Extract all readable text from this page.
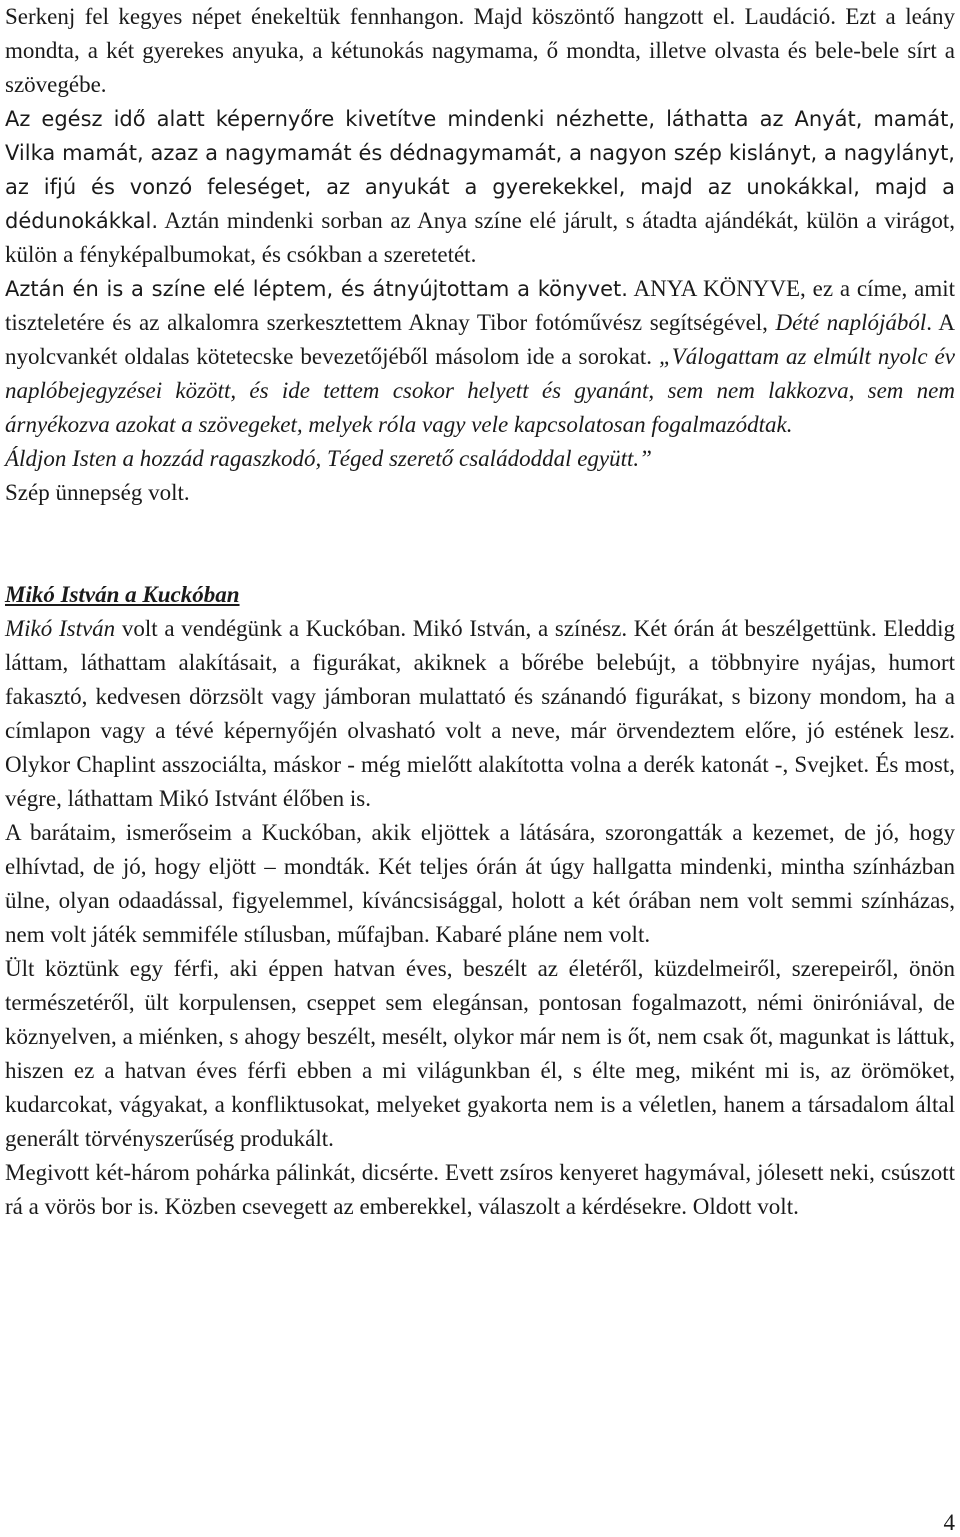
Serkenj fel kegyes népet énekeltük fennhangon. Majd köszöntő hangzott el. Laudáció. Ezt a leány mondta, a két gyerekes anyuka, a kétunokás nagymama, ő mondta, illetve olvasta és bele-bele sírt a szövegébe.

Az egész idő alatt képernyőre kivetítve mindenki nézhette, láthatta az Anyát, mamát, Vilka mamát, azaz a nagymamát és dédnagymamát, a nagyon szép kislányt, a nagylányt, az ifjú és vonzó feleséget, az anyukát a gyerekekkel, majd az unokákkal, majd a dédunokákkal. Aztán mindenki sorban az Anya színe elé járult, s átadta ajándékát, külön a virágot, külön a fényképalbumokat, és csókban a szeretetét.

Aztán én is a színe elé léptem, és átnyújtottam a könyvet. ANYA KÖNYVE, ez a címe, amit tiszteletére és az alkalomra szerkesztettem Aknay Tibor fotóművész segítségével, Dété naplójából. A nyolcvankét oldalas kötetecske bevezetőjéből másolom ide a sorokat. „Válogattam az elmúlt nyolc év naplóbejegyzései között, és ide tettem csokor helyett és gyanánt, sem nem lakkozva, sem nem árnyékozva azokat a szövegeket, melyek róla vagy vele kapcsolatosan fogalmazódtak.

Áldjon Isten a hozzád ragaszkodó, Téged szerető családoddal együtt.”

Szép ünnepség volt.

Mikó István a Kuckóban

Mikó István volt a vendégünk a Kuckóban. Mikó István, a színész. Két órán át beszélgettünk. Eleddig láttam, láthattam alakításait, a figurákat, akiknek a bőrébe belebújt, a többnyire nyájas, humort fakasztó, kedvesen dörzsölt vagy jámboran mulattató és szánandó figurákat, s bizony mondom, ha a címlapon vagy a tévé képernyőjén olvasható volt a neve, már örvendeztem előre, jó estének lesz. Olykor Chaplint asszociálta, máskor - még mielőtt alakította volna a derék katonát -, Svejket. És most, végre, láthattam Mikó Istvánt élőben is.

A barátaim, ismerőseim a Kuckóban, akik eljöttek a látására, szorongatták a kezemet, de jó, hogy elhívtad, de jó, hogy eljött – mondták. Két teljes órán át úgy hallgatta mindenki, mintha színházban ülne, olyan odaadással, figyelemmel, kíváncsisággal, holott a két órában nem volt semmi színházas, nem volt játék semmiféle stílusban, műfajban. Kabaré pláne nem volt.

Ült köztünk egy férfi, aki éppen hatvan éves, beszélt az életéről, küzdelmeiről, szerepeiről, önön természetéről, ült korpulensen, cseppet sem elegánsan, pontosan fogalmazott, némi öniróniával, de köznyelven, a miénken, s ahogy beszélt, mesélt, olykor már nem is őt, nem csak őt, magunkat is láttuk, hiszen ez a hatvan éves férfi ebben a mi világunkban él, s élte meg, miként mi is, az örömöket, kudarcokat, vágyakat, a konfliktusokat, melyeket gyakorta nem is a véletlen, hanem a társadalom által generált törvényszerűség produkált.

Megivott két-három pohárka pálinkát, dicsérte. Evett zsíros kenyeret hagymával, jólesett neki, csúszott rá a vörös bor is. Közben csevegett az emberekkel, válaszolt a kérdésekre. Oldott volt.

4
